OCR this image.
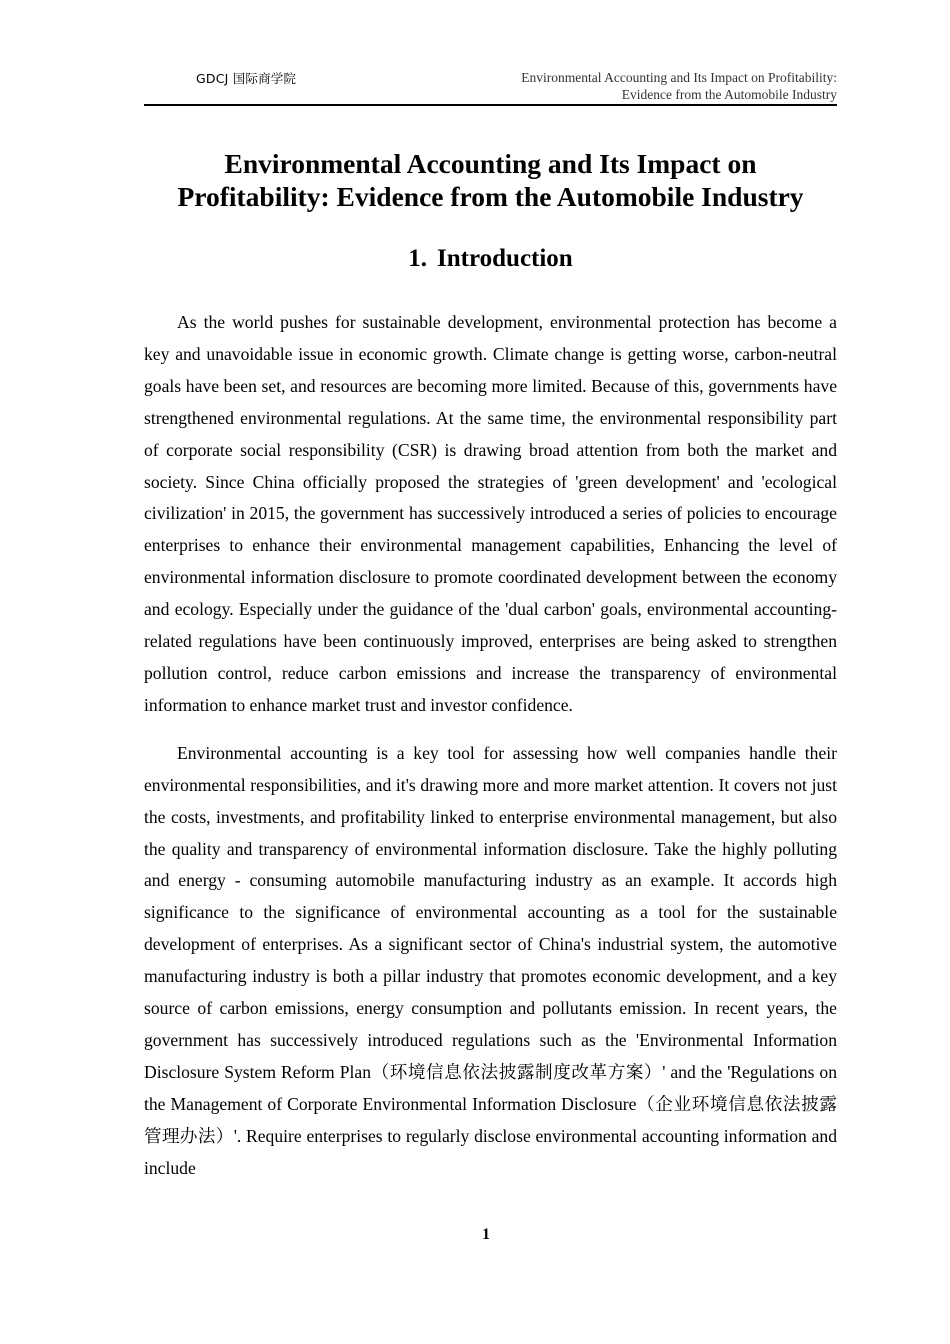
GDCJ 国际商学院	Environmental Accounting and Its Impact on Profitability:
Evidence from the Automobile Industry
Environmental Accounting and Its Impact on
Profitability: Evidence from the Automobile Industry
1. Introduction

As the world pushes for sustainable development, environmental protection has become a key and unavoidable issue in economic growth. Climate change is getting worse, carbon-neutral goals have been set, and resources are becoming more limited. Because of this, governments have strengthened environmental regulations. At the same time, the environmental responsibility part of corporate social responsibility (CSR) is drawing broad attention from both the market and society. Since China officially proposed the strategies of 'green development' and 'ecological civilization' in 2015, the government has successively introduced a series of policies to encourage enterprises to enhance their environmental management capabilities, Enhancing the level of environmental information disclosure to promote coordinated development between the economy and ecology. Especially under the guidance of the 'dual carbon' goals, environmental accounting-related regulations have been continuously improved, enterprises are being asked to strengthen pollution control, reduce carbon emissions and increase the transparency of environmental information to enhance market trust and investor confidence.

Environmental accounting is a key tool for assessing how well companies handle their environmental responsibilities, and it's drawing more and more market attention. It covers not just the costs, investments, and profitability linked to enterprise environmental management, but also the quality and transparency of environmental information disclosure. Take the highly polluting and energy - consuming automobile manufacturing industry as an example. It accords high significance to the significance of environmental accounting as a tool for the sustainable development of enterprises. As a significant sector of China's industrial system, the automotive manufacturing industry is both a pillar industry that promotes economic development, and a key source of carbon emissions, energy consumption and pollutants emission. In recent years, the government has successively introduced regulations such as the 'Environmental Information Disclosure System Reform Plan（环境信息依法披露制度改革方案）' and the 'Regulations on the Management of Corporate Environmental Information Disclosure（企业环境信息依法披露管理办法）'. Require enterprises to regularly disclose environmental accounting information and include

1
